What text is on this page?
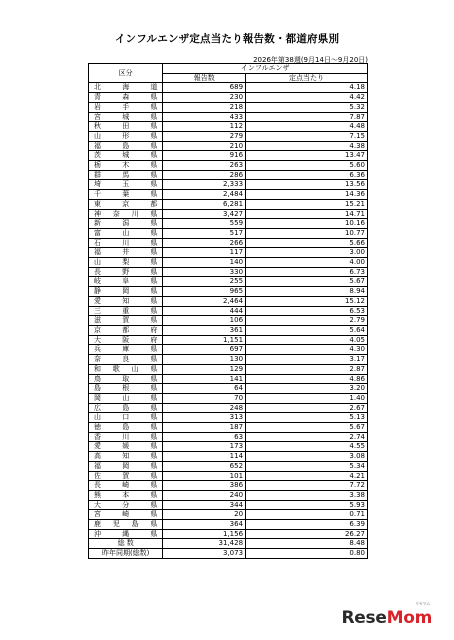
インフルエンザ定点当たり報告数・都道府県別
2026年第38週(9月14日～9月20日)
区分	インフルエンザ	
	報告数	定点当たり

北 海 道	689	4.18

青 森 県	230	4.42

岩 手 県	218	5.32

宮 城 県	433	7.87

秋 田 県	112	4.48

山 形 県	279	7.15

福 島 県	210	4.38

茨 城 県	916	13.47

栃 木 県	263	5.60

群 馬 県	286	6.36

埼 玉 県	2,333	13.56

千 葉 県	2,484	14.36

東 京 都	6,281	15.21

神 奈 川 県	3,427	14.71

新 潟 県	559	10.16

富 山 県	517	10.77

石 川 県	266	5.66

福 井 県	117	3.00

山 梨 県	140	4.00

長 野 県	330	6.73

岐 阜 県	255	5.67

静 岡 県	965	8.94

愛 知 県	2,464	15.12

三 重 県	444	6.53

滋 賀 県	106	2.79

京 都 府	361	5.64

大 阪 府	1,151	4.05

兵 庫 県	697	4.30

奈 良 県	130	3.17

和 歌 山 県	129	2.87

鳥 取 県	141	4.86

島 根 県	64	3.20

岡 山 県	70	1.40

広 島 県	248	2.67

山 口 県	313	5.13

徳 島 県	187	5.67

香 川 県	63	2.74

愛 媛 県	173	4.55

高 知 県	114	3.08

福 岡 県	652	5.34

佐 賀 県	101	4.21

長 崎 県	386	7.72

熊 本 県	240	3.38

大 分 県	344	5.93

宮 崎 県	20	0.71

鹿 児 島 県	364	6.39

沖 縄 県	1,156	26.27
総 数	31,428	8.48
昨年同期(総数)	3,073	0.80
ReseMom
リセマム
